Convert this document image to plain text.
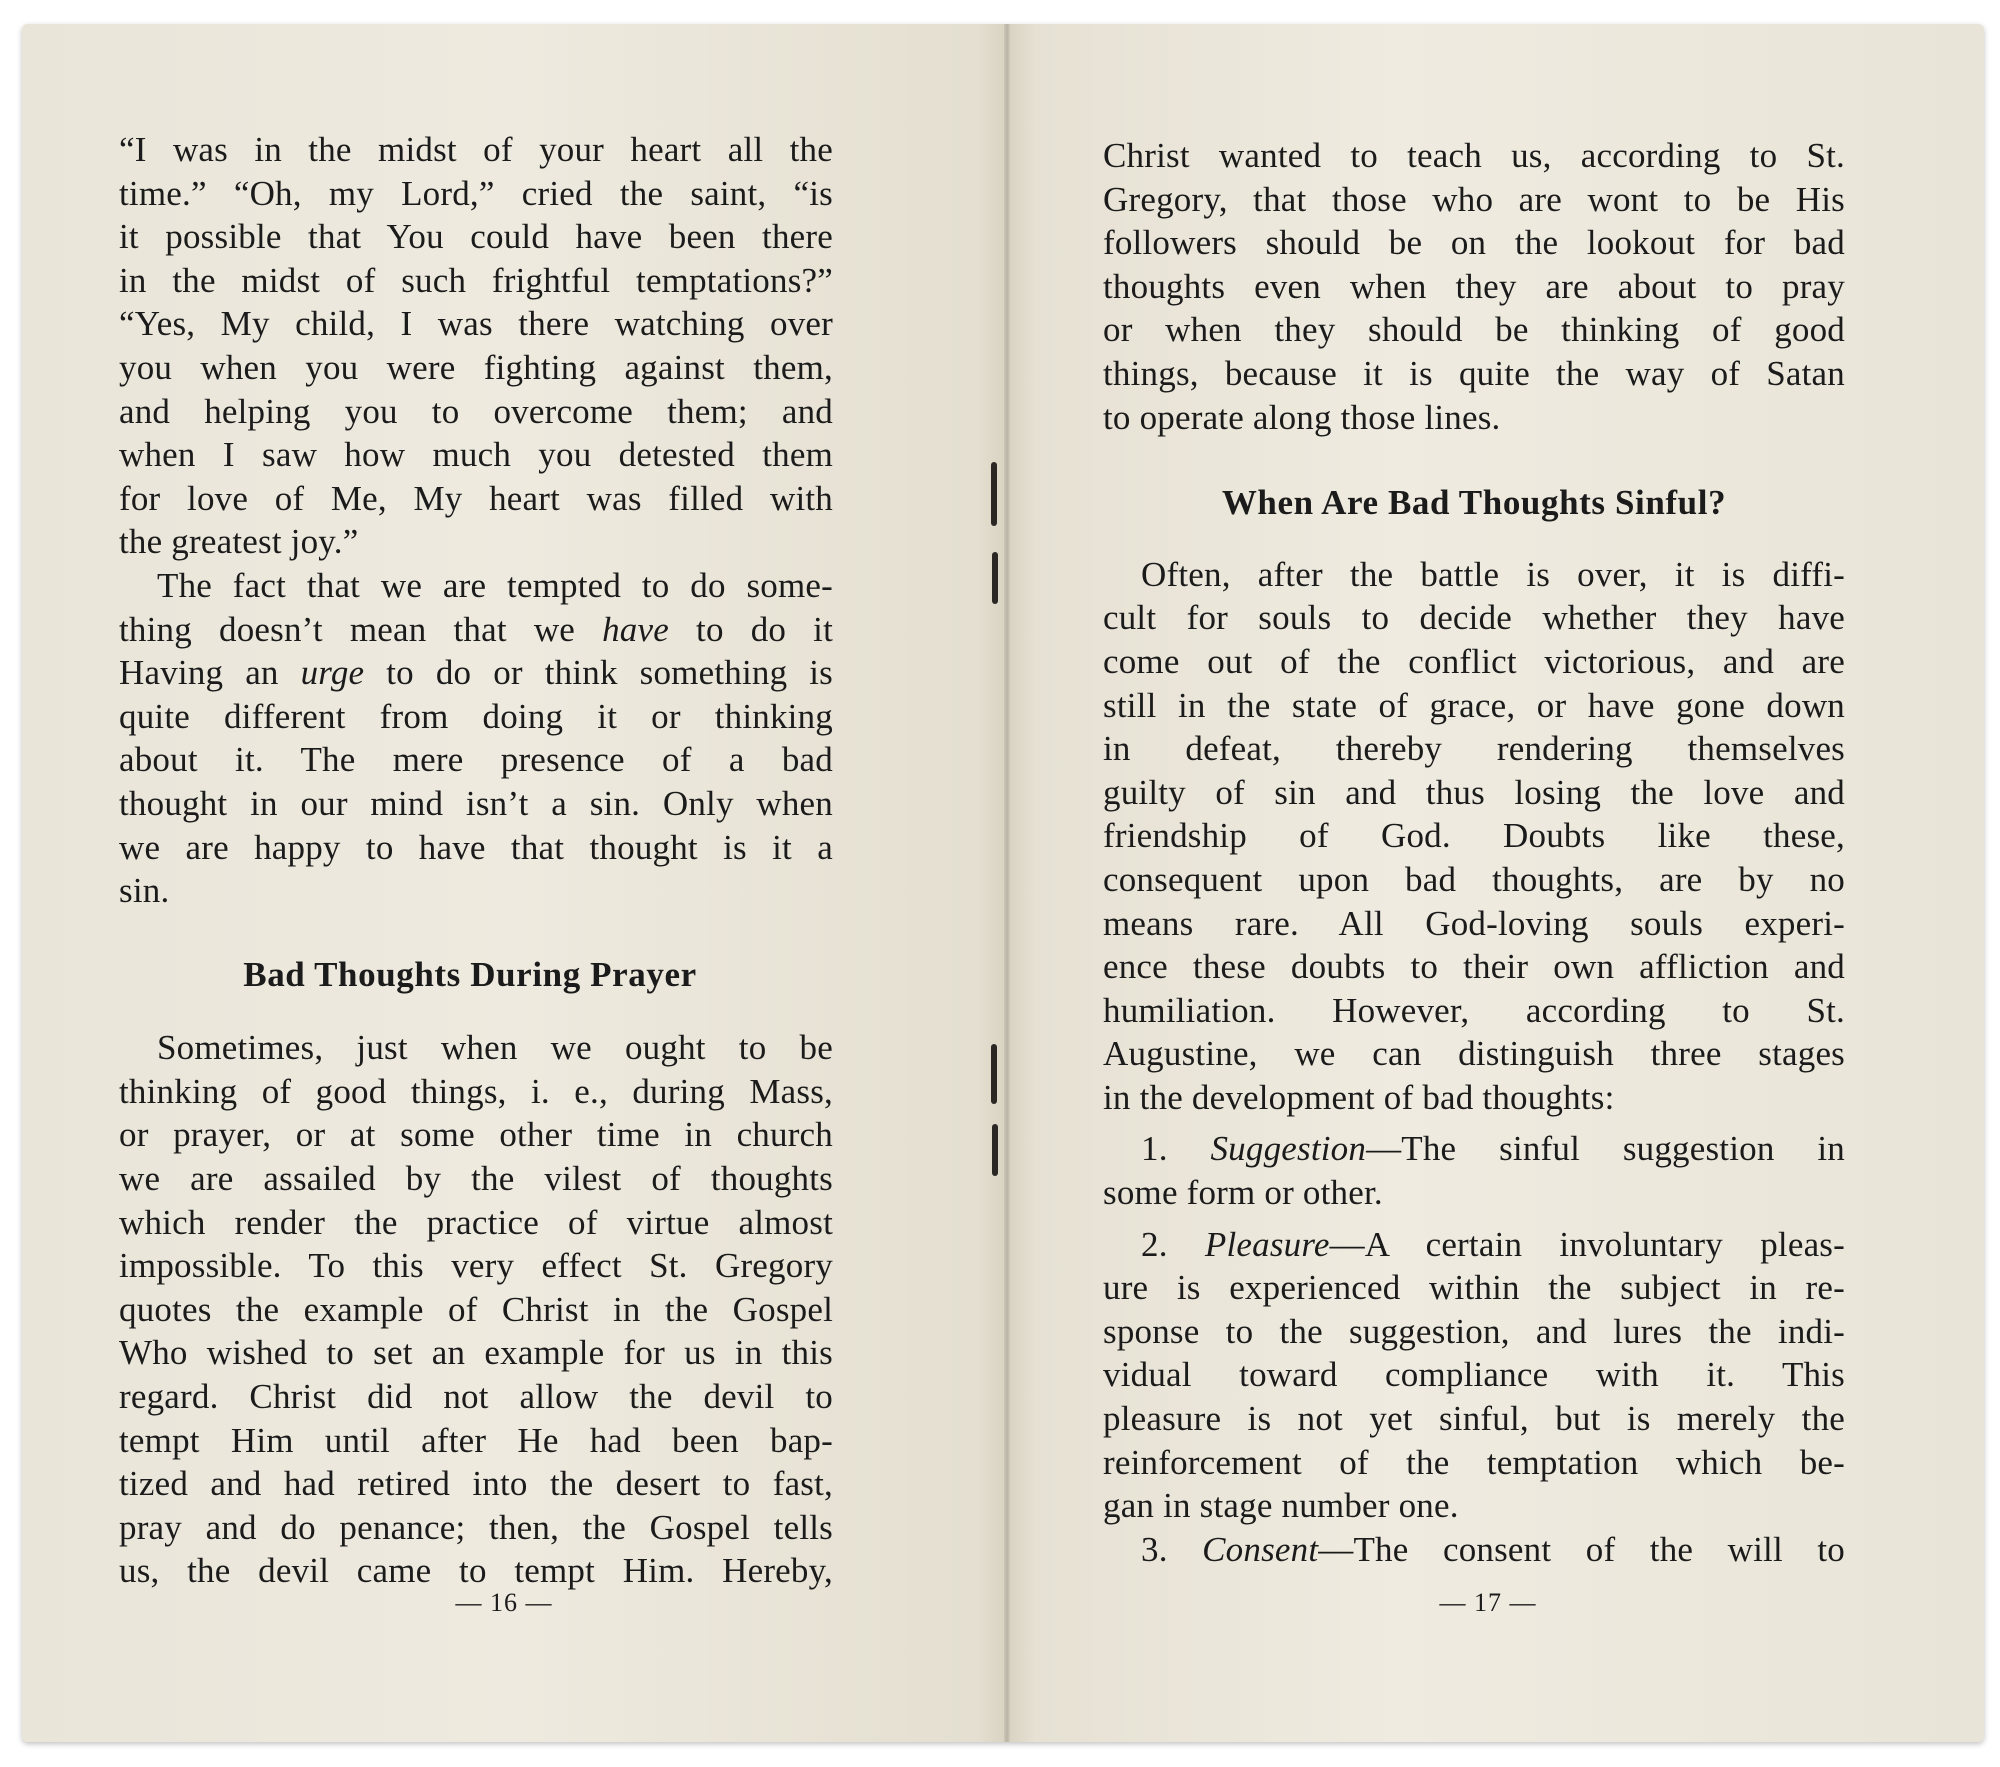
“I was in the midst of your heart all the
time.” “Oh, my Lord,” cried the saint, “is
it possible that You could have been there
in the midst of such frightful temptations?”
“Yes, My child, I was there watching over
you when you were fighting against them,
and helping you to overcome them; and
when I saw how much you detested them
for love of Me, My heart was filled with
the greatest joy.”
The fact that we are tempted to do some-
thing doesn’t mean that we have to do it
Having an urge to do or think something is
quite different from doing it or thinking
about it. The mere presence of a bad
thought in our mind isn’t a sin. Only when
we are happy to have that thought is it a
sin.
Bad Thoughts During Prayer
Sometimes, just when we ought to be
thinking of good things, i. e., during Mass,
or prayer, or at some other time in church
we are assailed by the vilest of thoughts
which render the practice of virtue almost
impossible. To this very effect St. Gregory
quotes the example of Christ in the Gospel
Who wished to set an example for us in this
regard. Christ did not allow the devil to
tempt Him until after He had been bap-
tized and had retired into the desert to fast,
pray and do penance; then, the Gospel tells
us, the devil came to tempt Him. Hereby,
— 16 —
Christ wanted to teach us, according to St.
Gregory, that those who are wont to be His
followers should be on the lookout for bad
thoughts even when they are about to pray
or when they should be thinking of good
things, because it is quite the way of Satan
to operate along those lines.
When Are Bad Thoughts Sinful?
Often, after the battle is over, it is diffi-
cult for souls to decide whether they have
come out of the conflict victorious, and are
still in the state of grace, or have gone down
in defeat, thereby rendering themselves
guilty of sin and thus losing the love and
friendship of God. Doubts like these,
consequent upon bad thoughts, are by no
means rare. All God-loving souls experi-
ence these doubts to their own affliction and
humiliation. However, according to St.
Augustine, we can distinguish three stages
in the development of bad thoughts:
1. Suggestion—The sinful suggestion in
some form or other.
2. Pleasure—A certain involuntary pleas-
ure is experienced within the subject in re-
sponse to the suggestion, and lures the indi-
vidual toward compliance with it. This
pleasure is not yet sinful, but is merely the
reinforcement of the temptation which be-
gan in stage number one.
3. Consent—The consent of the will to
— 17 —
